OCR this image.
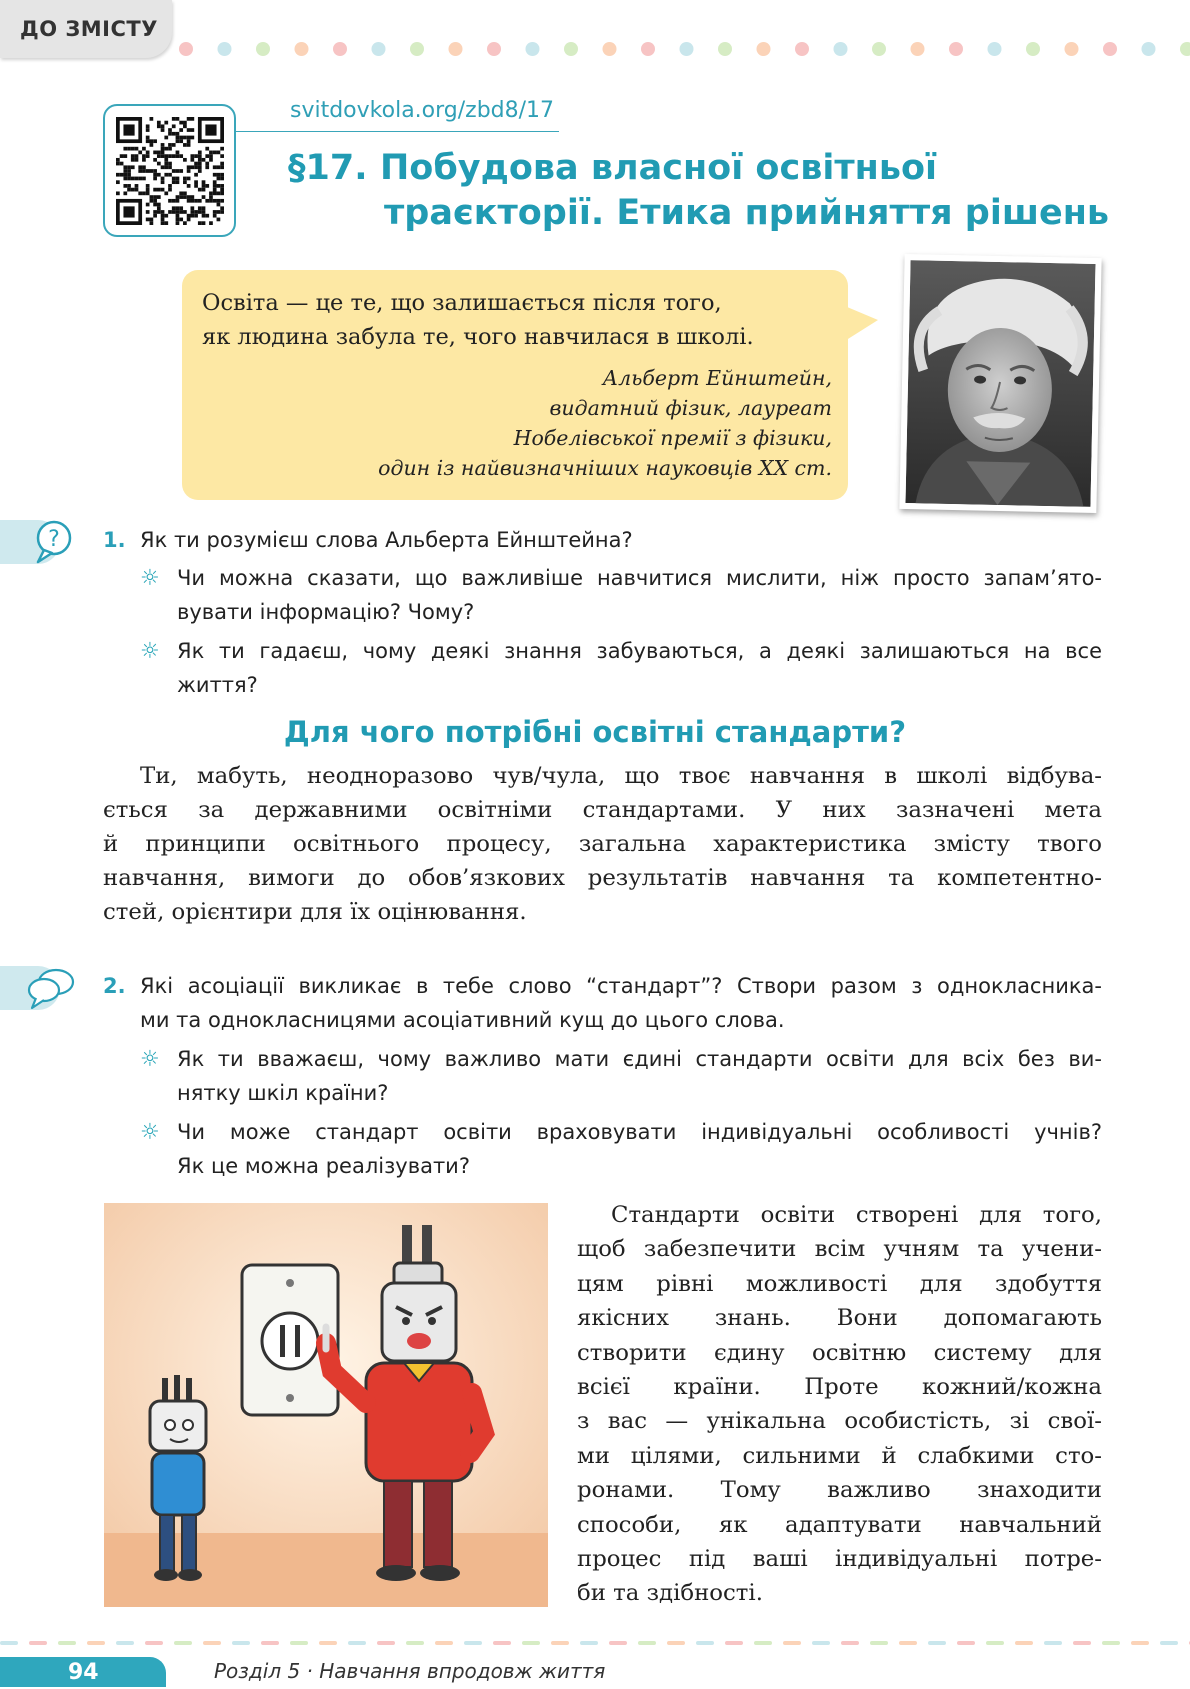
ДО ЗМІСТУ
svitdovkola.org/zbd8/17
§17. Побудова власної освітньої
траєкторії. Етика прийняття рішень
Освіта — це те, що залишається після того,
як людина забула те, чого навчилася в школі.
Альберт Ейнштейн,
видатний фізик, лауреат
Нобелівської премії з фізики,
один із найвизначніших науковців XX ст.
? 1. Як ти розумієш слова Альберта Ейнштейна?
☼ Чи можна сказати, що важливіше навчитися мислити, ніж просто запам’ято-
вувати інформацію? Чому?
☼ Як ти гадаєш, чому деякі знання забуваються, а деякі залишаються на все
життя?
Для чого потрібні освітні стандарти?
Ти, мабуть, неодноразово чув/чула, що твоє навчання в школі відбува-
ється за державними освітніми стандартами. У них зазначені мета
й принципи освітнього процесу, загальна характеристика змісту твого
навчання, вимоги до обов’язкових результатів навчання та компетентно-
стей, орієнтири для їх оцінювання.
2. Які асоціації викликає в тебе слово “стандарт”? Створи разом з однокласника-
ми та однокласницями асоціативний кущ до цього слова.
☼ Як ти вважаєш, чому важливо мати єдині стандарти освіти для всіх без ви-
нятку шкіл країни?
☼ Чи може стандарт освіти враховувати індивідуальні особливості учнів?
Як це можна реалізувати?
Стандарти освіти створені для того,
щоб забезпечити всім учням та учени-
цям рівні можливості для здобуття
якісних знань. Вони допомагають
створити єдину освітню систему для
всієї країни. Проте кожний/кожна
з вас — унікальна особистість, зі свої-
ми цілями, сильними й слабкими сто-
ронами. Тому важливо знаходити
способи, як адаптувати навчальний
процес під ваші індивідуальні потре-
би та здібності.
94	Розділ 5 · Навчання впродовж життя
